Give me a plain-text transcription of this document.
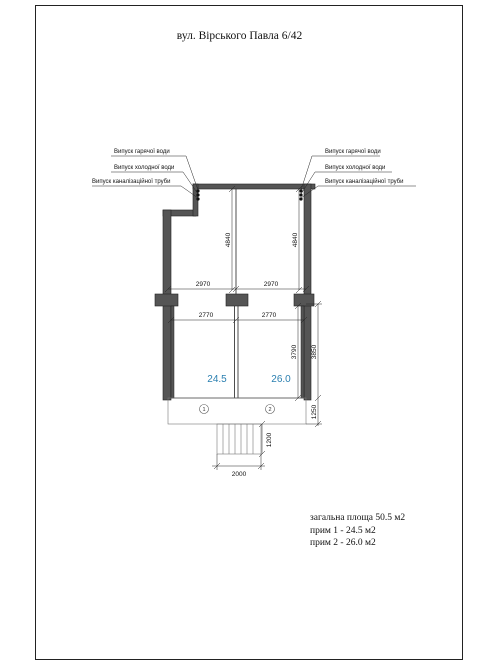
вул. Вірського Павла 6/42
1	2
24.5	26.0
Випуск гарячої води
Випуск холодної води
Випуск каналізаційної труби
Випуск гарячої води
Випуск холодної води
Випуск каналізаційної труби
4840	4840
2970	2970
2770	2770
3790 3850
1250
1200
2000
загальна площа 50.5 м2
прим 1 - 24.5 м2
прим 2 - 26.0 м2
